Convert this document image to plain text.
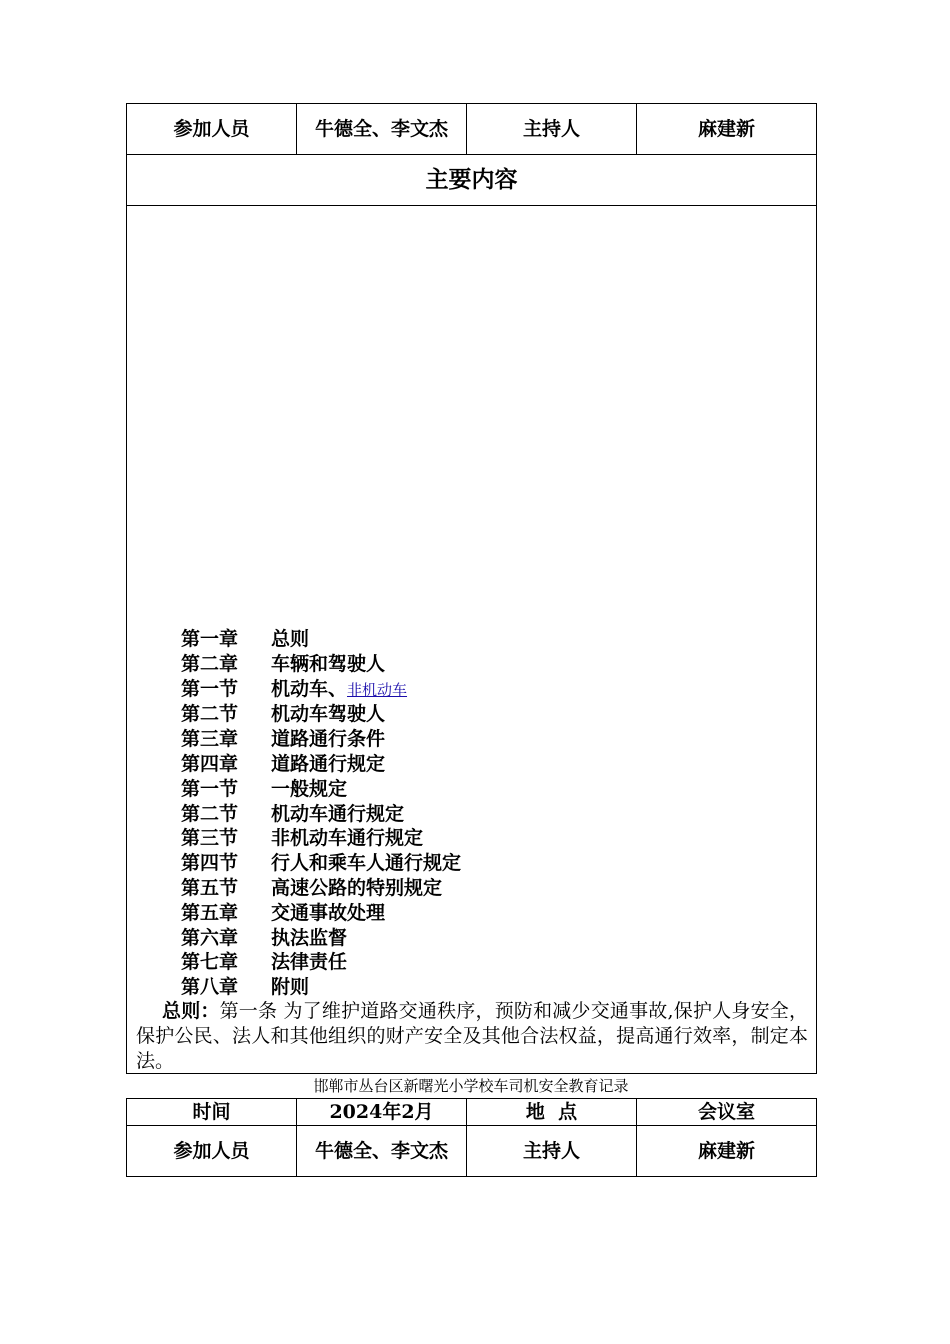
参加人员	牛德全、李文杰	主持人	麻建新
主要内容

第一章 总则
第二章 车辆和驾驶人
第一节 机动车、非机动车
第二节 机动车驾驶人
第三章 道路通行条件
第四章 道路通行规定
第一节 一般规定
第二节 机动车通行规定
第三节 非机动车通行规定
第四节 行人和乘车人通行规定
第五节 高速公路的特别规定
第五章 交通事故处理
第六章 执法监督
第七章 法律责任
第八章 附则
总则：第一条 为了维护道路交通秩序，预防和减少交通事故,保护人身安全，保护公民、法人和其他组织的财产安全及其他合法权益，提高通行效率，制定本法。
邯郸市丛台区新曙光小学校车司机安全教育记录
时间	2024年2月	地  点	会议室
参加人员	牛德全、李文杰	主持人	麻建新
